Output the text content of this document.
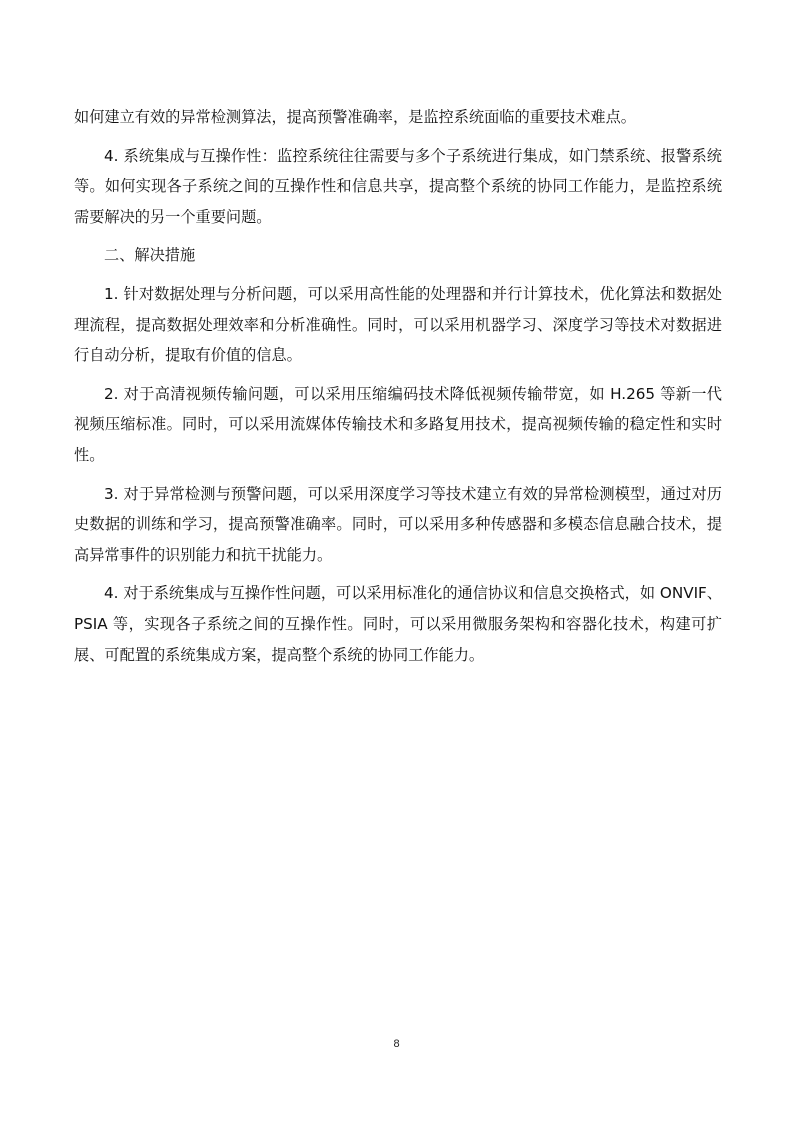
如何建立有效的异常检测算法，提高预警准确率，是监控系统面临的重要技术难点。

4. 系统集成与互操作性：监控系统往往需要与多个子系统进行集成，如门禁系统、报警系统等。如何实现各子系统之间的互操作性和信息共享，提高整个系统的协同工作能力，是监控系统需要解决的另一个重要问题。

二、解决措施

1. 针对数据处理与分析问题，可以采用高性能的处理器和并行计算技术，优化算法和数据处理流程，提高数据处理效率和分析准确性。同时，可以采用机器学习、深度学习等技术对数据进行自动分析，提取有价值的信息。

2. 对于高清视频传输问题，可以采用压缩编码技术降低视频传输带宽，如 H.265 等新一代视频压缩标准。同时，可以采用流媒体传输技术和多路复用技术，提高视频传输的稳定性和实时性。

3. 对于异常检测与预警问题，可以采用深度学习等技术建立有效的异常检测模型，通过对历史数据的训练和学习，提高预警准确率。同时，可以采用多种传感器和多模态信息融合技术，提高异常事件的识别能力和抗干扰能力。

4. 对于系统集成与互操作性问题，可以采用标准化的通信协议和信息交换格式，如 ONVIF、PSIA 等，实现各子系统之间的互操作性。同时，可以采用微服务架构和容器化技术，构建可扩展、可配置的系统集成方案，提高整个系统的协同工作能力。

8
